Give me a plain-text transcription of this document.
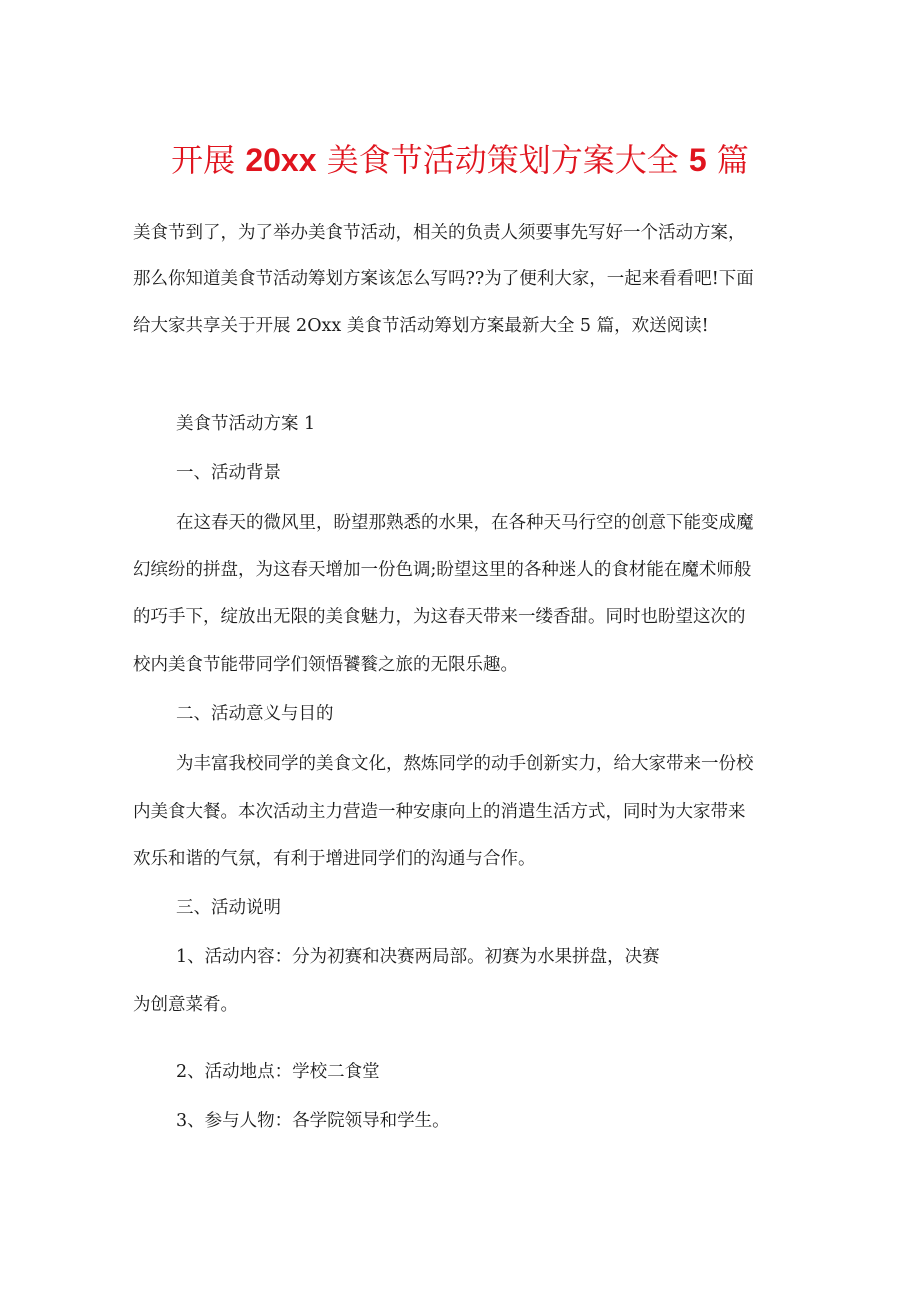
开展 20xx 美食节活动策划方案大全 5 篇
美食节到了，为了举办美食节活动，相关的负责人须要事先写好一个活动方案，
那么你知道美食节活动筹划方案该怎么写吗??为了便利大家，一起来看看吧!下面
给大家共享关于开展 2Oxx 美食节活动筹划方案最新大全 5 篇，欢送阅读!
美食节活动方案 1
一、活动背景
在这春天的微风里，盼望那熟悉的水果，在各种天马行空的创意下能变成魔
幻缤纷的拼盘，为这春天增加一份色调;盼望这里的各种迷人的食材能在魔术师般
的巧手下，绽放出无限的美食魅力，为这春天带来一缕香甜。同时也盼望这次的
校内美食节能带同学们领悟饕餮之旅的无限乐趣。
二、活动意义与目的
为丰富我校同学的美食文化，熬炼同学的动手创新实力，给大家带来一份校
内美食大餐。本次活动主力营造一种安康向上的消遣生活方式，同时为大家带来
欢乐和谐的气氛，有利于增进同学们的沟通与合作。
三、活动说明
1、活动内容：分为初赛和决赛两局部。初赛为水果拼盘，决赛
为创意菜肴。
2、活动地点：学校二食堂
3、参与人物：各学院领导和学生。
